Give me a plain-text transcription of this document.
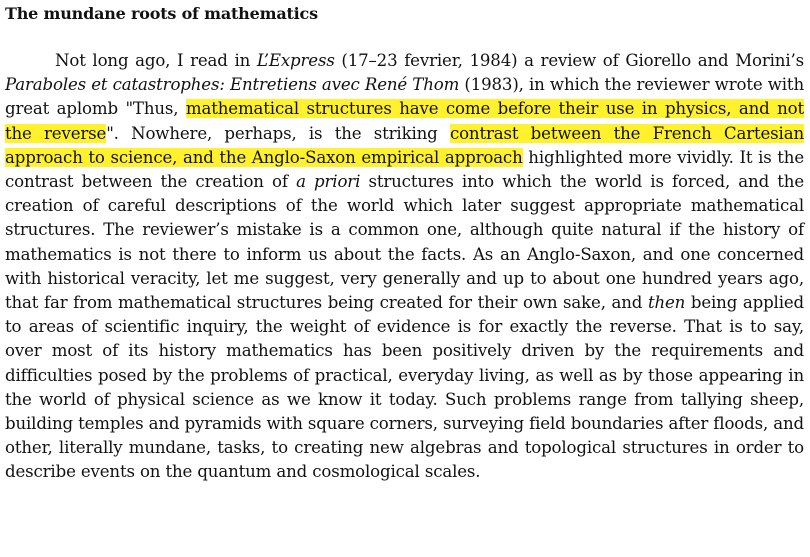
The mundane roots of mathematics

Not long ago, I read in L’Express (17–23 fevrier, 1984) a review of Giorello and Morini’s Paraboles et catastrophes: Entretiens avec René Thom (1983), in which the reviewer wrote with great aplomb "Thus, mathematical structures have come before their use in physics, and not the reverse". Nowhere, perhaps, is the striking contrast between the French Cartesian approach to science, and the Anglo-Saxon empirical approach highlighted more vividly. It is the contrast between the creation of a priori structures into which the world is forced, and the creation of careful descriptions of the world which later suggest appropriate mathematical structures. The reviewer’s mistake is a common one, although quite natural if the history of mathematics is not there to inform us about the facts. As an Anglo-Saxon, and one concerned with historical veracity, let me suggest, very generally and up to about one hundred years ago, that far from mathematical structures being created for their own sake, and then being applied to areas of scientific inquiry, the weight of evidence is for exactly the reverse. That is to say, over most of its history mathematics has been positively driven by the requirements and difficulties posed by the problems of practical, everyday living, as well as by those appearing in the world of physical science as we know it today. Such problems range from tallying sheep, building temples and pyramids with square corners, surveying field boundaries after floods, and other, literally mundane, tasks, to creating new algebras and topological structures in order to describe events on the quantum and cosmological scales.
